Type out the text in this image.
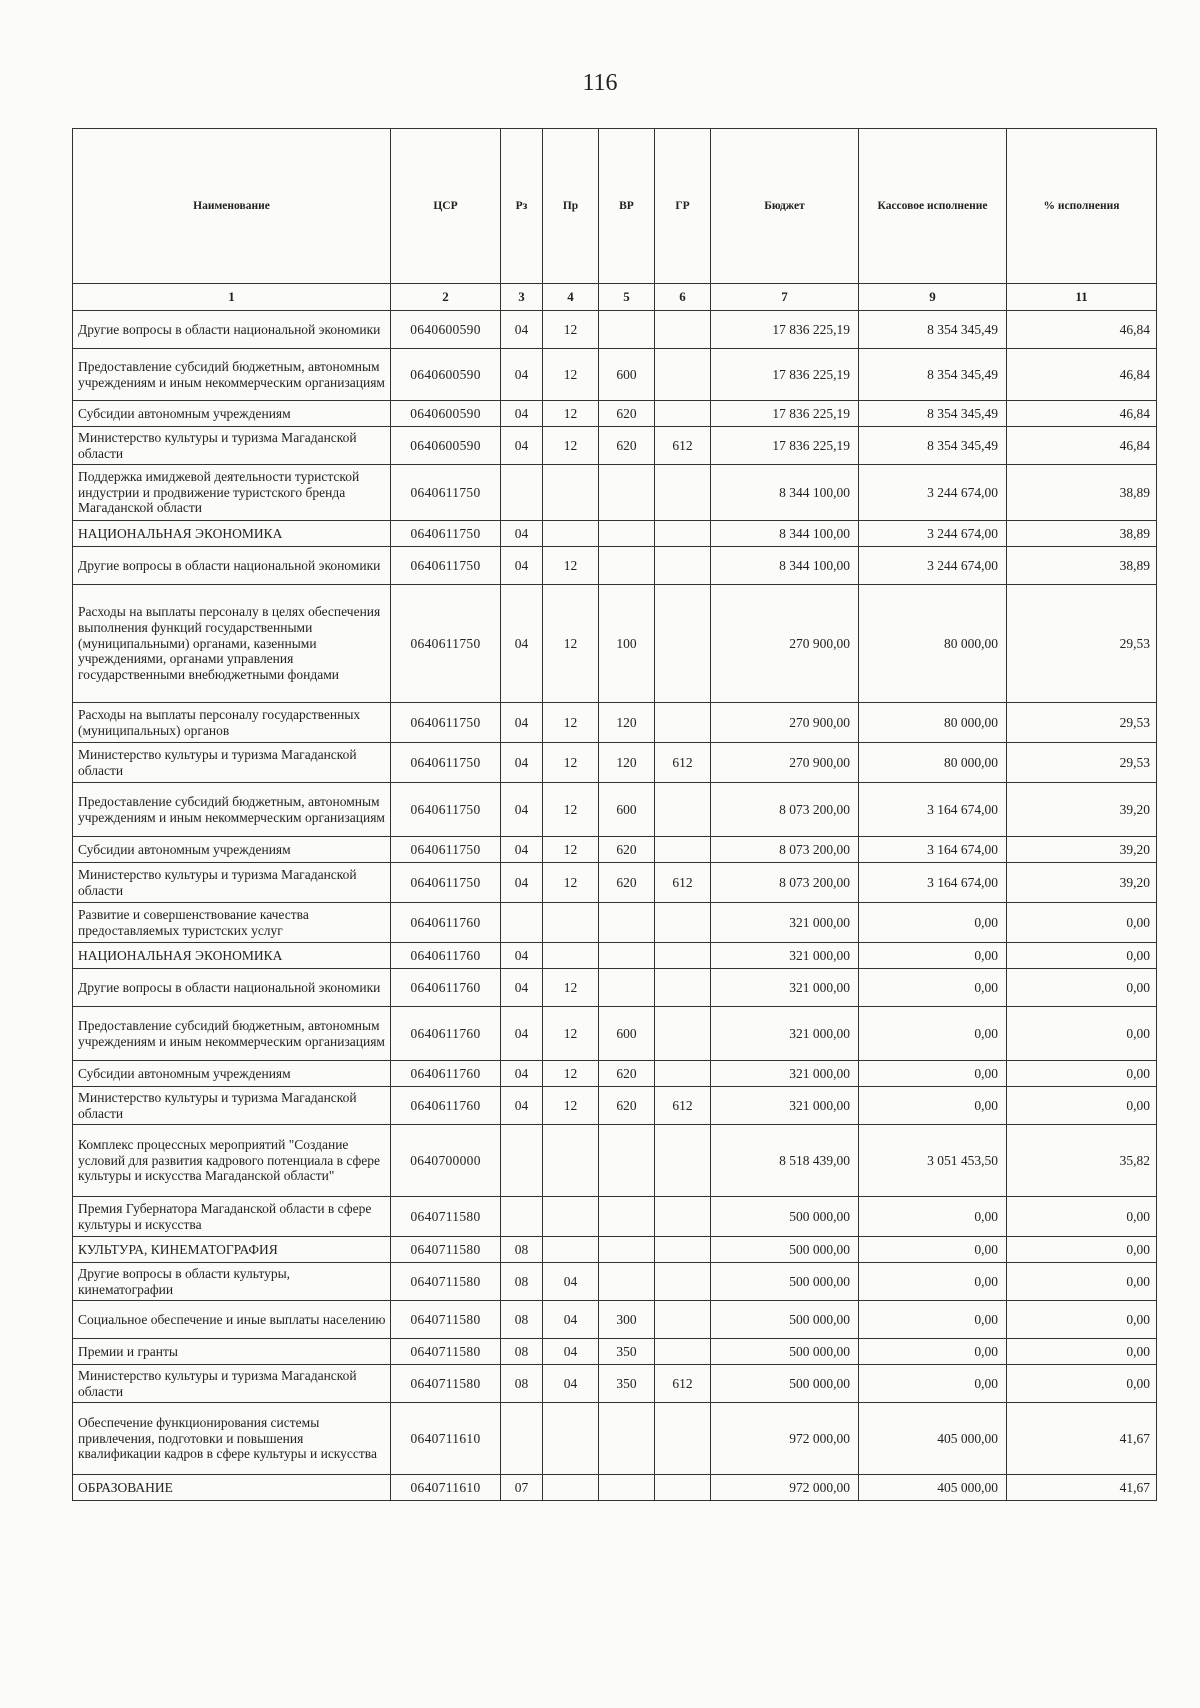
116
Наименование	ЦСР	Рз	Пр	ВР	ГР	Бюджет	Кассовое исполнение	% исполнения
1	2	3	4	5	6	7	9	11
Другие вопросы в области национальной экономики	0640600590	04	12			17 836 225,19	8 354 345,49	46,84
Предоставление субсидий бюджетным, автономным учреждениям и иным некоммерческим организациям	0640600590	04	12	600		17 836 225,19	8 354 345,49	46,84
Субсидии автономным учреждениям	0640600590	04	12	620		17 836 225,19	8 354 345,49	46,84
Министерство культуры и туризма Магаданской области	0640600590	04	12	620	612	17 836 225,19	8 354 345,49	46,84
Поддержка имиджевой деятельности туристской индустрии и продвижение туристского бренда Магаданской области	0640611750					8 344 100,00	3 244 674,00	38,89
НАЦИОНАЛЬНАЯ ЭКОНОМИКА	0640611750	04				8 344 100,00	3 244 674,00	38,89
Другие вопросы в области национальной экономики	0640611750	04	12			8 344 100,00	3 244 674,00	38,89
Расходы на выплаты персоналу в целях обеспечения выполнения функций государственными (муниципальными) органами, казенными учреждениями, органами управления государственными внебюджетными фондами	0640611750	04	12	100		270 900,00	80 000,00	29,53
Расходы на выплаты персоналу государственных (муниципальных) органов	0640611750	04	12	120		270 900,00	80 000,00	29,53
Министерство культуры и туризма Магаданской области	0640611750	04	12	120	612	270 900,00	80 000,00	29,53
Предоставление субсидий бюджетным, автономным учреждениям и иным некоммерческим организациям	0640611750	04	12	600		8 073 200,00	3 164 674,00	39,20
Субсидии автономным учреждениям	0640611750	04	12	620		8 073 200,00	3 164 674,00	39,20
Министерство культуры и туризма Магаданской области	0640611750	04	12	620	612	8 073 200,00	3 164 674,00	39,20
Развитие и совершенствование качества предоставляемых туристских услуг	0640611760					321 000,00	0,00	0,00
НАЦИОНАЛЬНАЯ ЭКОНОМИКА	0640611760	04				321 000,00	0,00	0,00
Другие вопросы в области национальной экономики	0640611760	04	12			321 000,00	0,00	0,00
Предоставление субсидий бюджетным, автономным учреждениям и иным некоммерческим организациям	0640611760	04	12	600		321 000,00	0,00	0,00
Субсидии автономным учреждениям	0640611760	04	12	620		321 000,00	0,00	0,00
Министерство культуры и туризма Магаданской области	0640611760	04	12	620	612	321 000,00	0,00	0,00
Комплекс процессных мероприятий "Создание условий для развития кадрового потенциала в сфере культуры и искусства Магаданской области"	0640700000					8 518 439,00	3 051 453,50	35,82
Премия Губернатора Магаданской области в сфере культуры и искусства	0640711580					500 000,00	0,00	0,00
КУЛЬТУРА, КИНЕМАТОГРАФИЯ	0640711580	08				500 000,00	0,00	0,00
Другие вопросы в области культуры, кинематографии	0640711580	08	04			500 000,00	0,00	0,00
Социальное обеспечение и иные выплаты населению	0640711580	08	04	300		500 000,00	0,00	0,00
Премии и гранты	0640711580	08	04	350		500 000,00	0,00	0,00
Министерство культуры и туризма Магаданской области	0640711580	08	04	350	612	500 000,00	0,00	0,00
Обеспечение функционирования системы привлечения, подготовки и повышения квалификации кадров в сфере культуры и искусства	0640711610					972 000,00	405 000,00	41,67
ОБРАЗОВАНИЕ	0640711610	07				972 000,00	405 000,00	41,67
